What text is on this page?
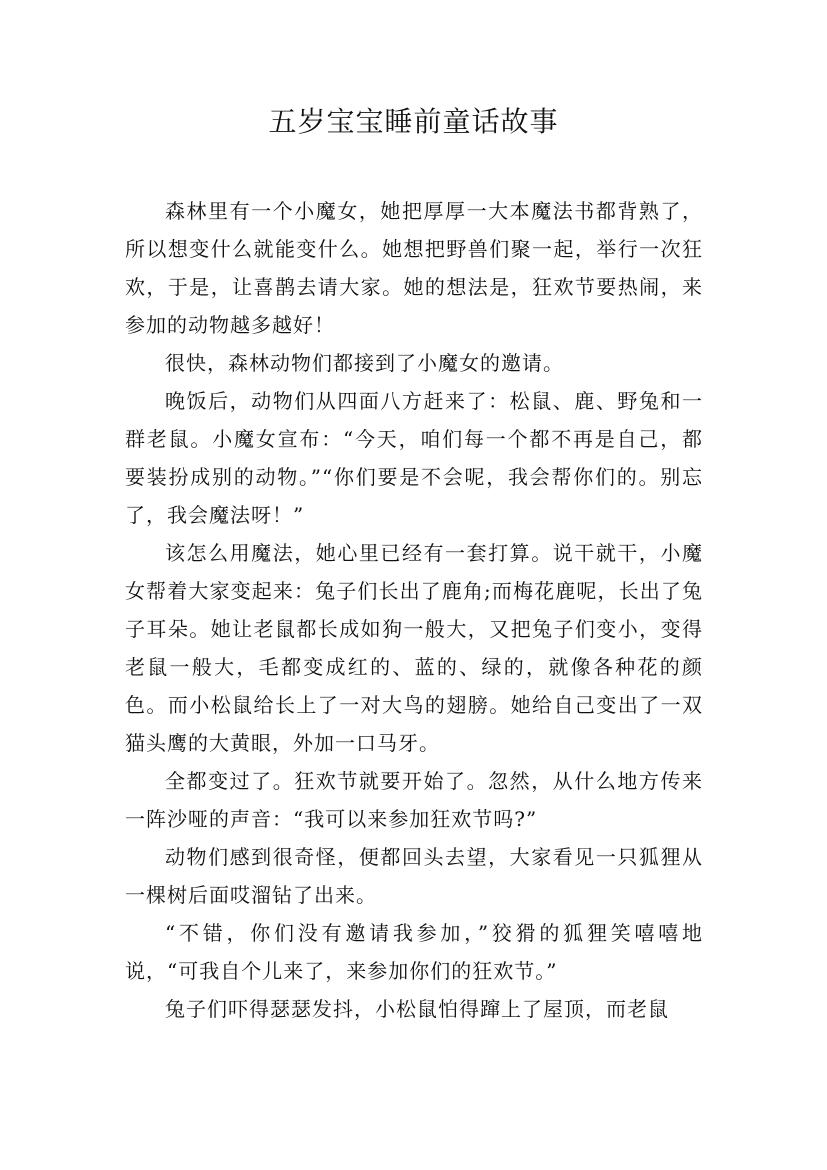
五岁宝宝睡前童话故事

森林里有一个小魔女，她把厚厚一大本魔法书都背熟了，所以想变什么就能变什么。她想把野兽们聚一起，举行一次狂欢，于是，让喜鹊去请大家。她的想法是，狂欢节要热闹，来参加的动物越多越好！

很快，森林动物们都接到了小魔女的邀请。

晚饭后，动物们从四面八方赶来了：松鼠、鹿、野兔和一群老鼠。小魔女宣布：“今天，咱们每一个都不再是自己，都要装扮成别的动物。”“你们要是不会呢，我会帮你们的。别忘了，我会魔法呀！”

该怎么用魔法，她心里已经有一套打算。说干就干，小魔女帮着大家变起来：兔子们长出了鹿角;而梅花鹿呢，长出了兔子耳朵。她让老鼠都长成如狗一般大，又把兔子们变小，变得老鼠一般大，毛都变成红的、蓝的、绿的，就像各种花的颜色。而小松鼠给长上了一对大鸟的翅膀。她给自己变出了一双猫头鹰的大黄眼，外加一口马牙。

全都变过了。狂欢节就要开始了。忽然，从什么地方传来一阵沙哑的声音：“我可以来参加狂欢节吗?”

动物们感到很奇怪，便都回头去望，大家看见一只狐狸从一棵树后面哎溜钻了出来。

“不错，你们没有邀请我参加，”狡猾的狐狸笑嘻嘻地说，“可我自个儿来了，来参加你们的狂欢节。”

兔子们吓得瑟瑟发抖，小松鼠怕得蹿上了屋顶，而老鼠
